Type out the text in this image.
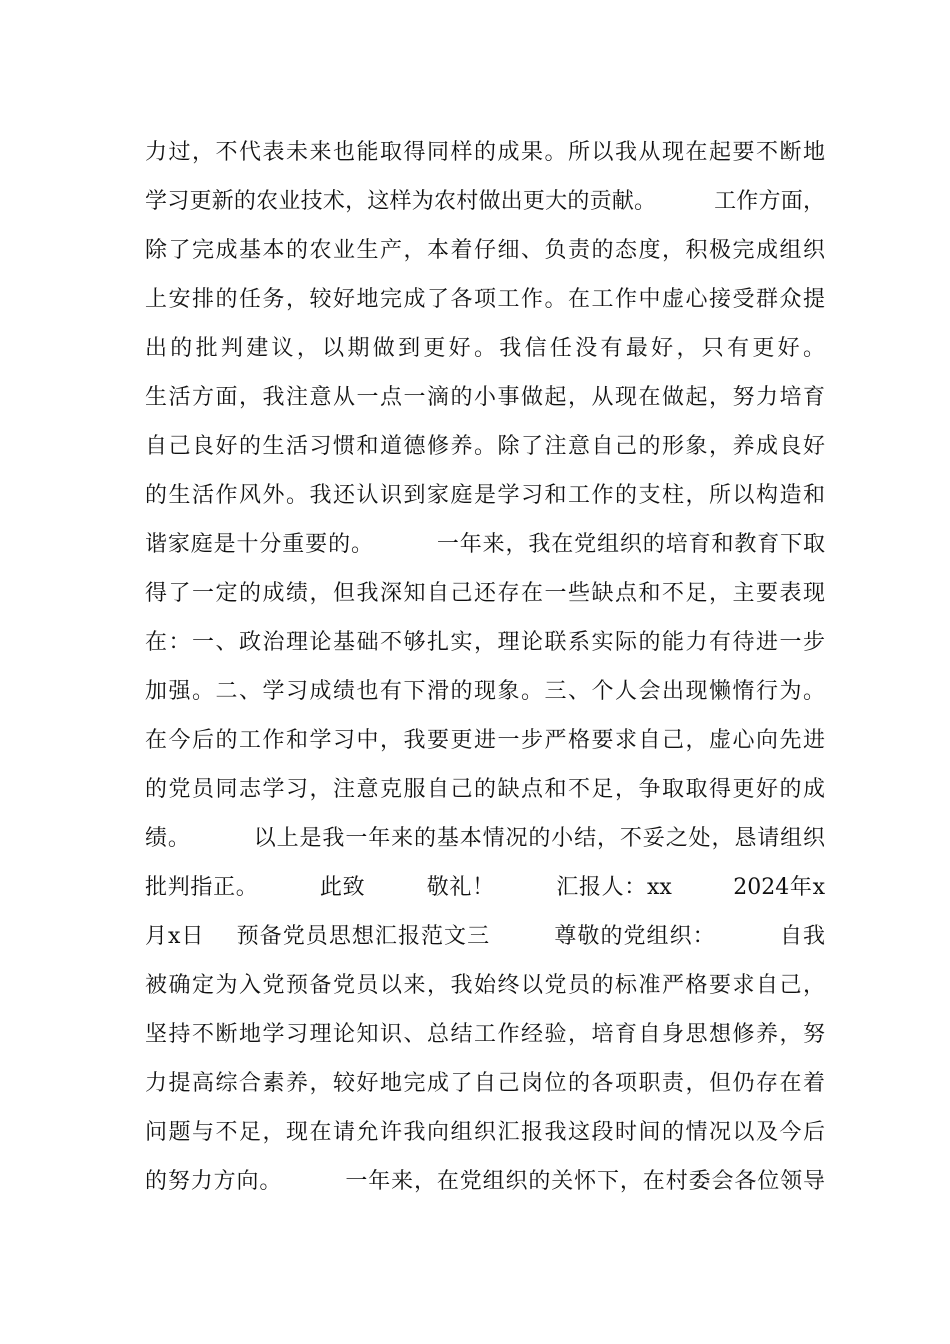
力过，不代表未来也能取得同样的成果。所以我从现在起要不断地
学习更新的农业技术，这样为农村做出更大的贡献。        工作方面，
除了完成基本的农业生产，本着仔细、负责的态度，积极完成组织
上安排的任务，较好地完成了各项工作。在工作中虚心接受群众提
出的批判建议，以期做到更好。我信任没有最好，只有更好。
生活方面，我注意从一点一滴的小事做起，从现在做起，努力培育
自己良好的生活习惯和道德修养。除了注意自己的形象，养成良好
的生活作风外。我还认识到家庭是学习和工作的支柱，所以构造和
谐家庭是十分重要的。        一年来，我在党组织的培育和教育下取
得了一定的成绩，但我深知自己还存在一些缺点和不足，主要表现
在：一、政治理论基础不够扎实，理论联系实际的能力有待进一步
加强。二、学习成绩也有下滑的现象。三、个人会出现懒惰行为。
在今后的工作和学习中，我要更进一步严格要求自己，虚心向先进
的党员同志学习，注意克服自己的缺点和不足，争取取得更好的成
绩。        以上是我一年来的基本情况的小结，不妥之处，恳请组织
批判指正。        此致        敬礼！        汇报人：xx        2024年x
月x日    预备党员思想汇报范文三        尊敬的党组织：        自我
被确定为入党预备党员以来，我始终以党员的标准严格要求自己，
坚持不断地学习理论知识、总结工作经验，培育自身思想修养，努
力提高综合素养，较好地完成了自己岗位的各项职责，但仍存在着
问题与不足，现在请允许我向组织汇报我这段时间的情况以及今后
的努力方向。        一年来，在党组织的关怀下，在村委会各位领导
